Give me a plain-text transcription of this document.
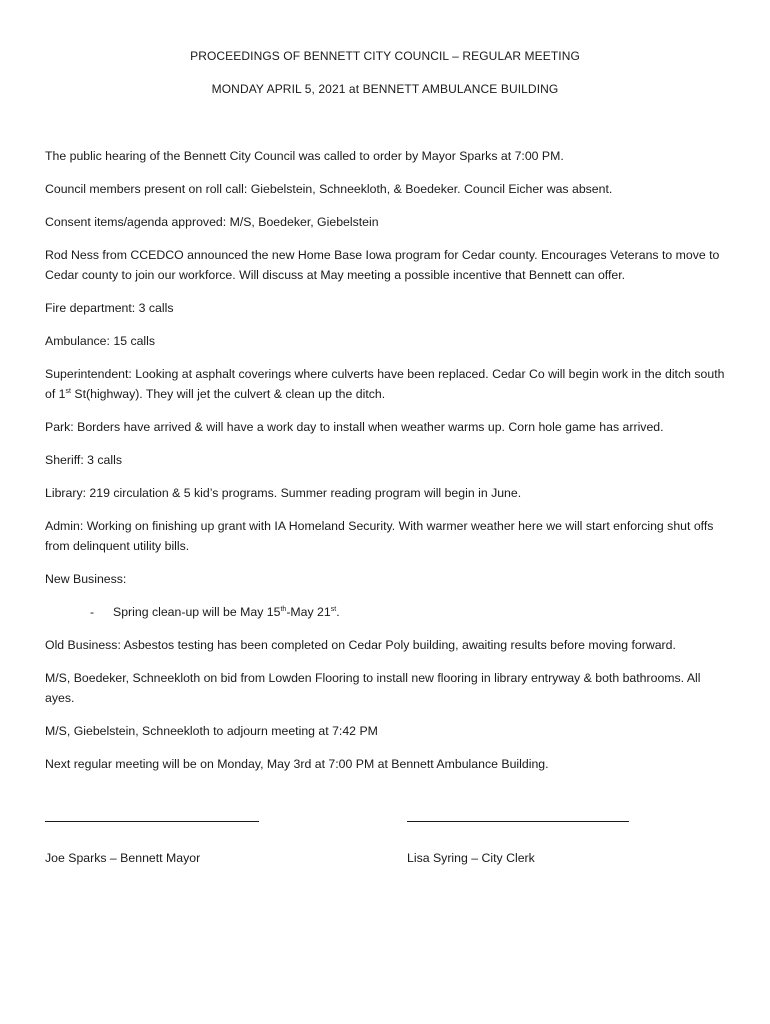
PROCEEDINGS OF BENNETT CITY COUNCIL – REGULAR MEETING
MONDAY APRIL 5, 2021 at BENNETT AMBULANCE BUILDING

The public hearing of the Bennett City Council was called to order by Mayor Sparks at 7:00 PM.

Council members present on roll call: Giebelstein, Schneekloth, & Boedeker. Council Eicher was absent.

Consent items/agenda approved: M/S, Boedeker, Giebelstein

Rod Ness from CCEDCO announced the new Home Base Iowa program for Cedar county. Encourages Veterans to move to Cedar county to join our workforce. Will discuss at May meeting a possible incentive that Bennett can offer.

Fire department: 3 calls

Ambulance: 15 calls

Superintendent: Looking at asphalt coverings where culverts have been replaced. Cedar Co will begin work in the ditch south of 1st St(highway). They will jet the culvert & clean up the ditch.

Park: Borders have arrived & will have a work day to install when weather warms up. Corn hole game has arrived.

Sheriff: 3 calls

Library: 219 circulation & 5 kid’s programs. Summer reading program will begin in June.

Admin: Working on finishing up grant with IA Homeland Security. With warmer weather here we will start enforcing shut offs from delinquent utility bills.

New Business:

-	Spring clean-up will be May 15th-May 21st.

Old Business: Asbestos testing has been completed on Cedar Poly building, awaiting results before moving forward.

M/S, Boedeker, Schneekloth on bid from Lowden Flooring to install new flooring in library entryway & both bathrooms. All ayes.

M/S, Giebelstein, Schneekloth to adjourn meeting at 7:42 PM

Next regular meeting will be on Monday, May 3rd at 7:00 PM at Bennett Ambulance Building.

Joe Sparks – Bennett Mayor	Lisa Syring – City Clerk
